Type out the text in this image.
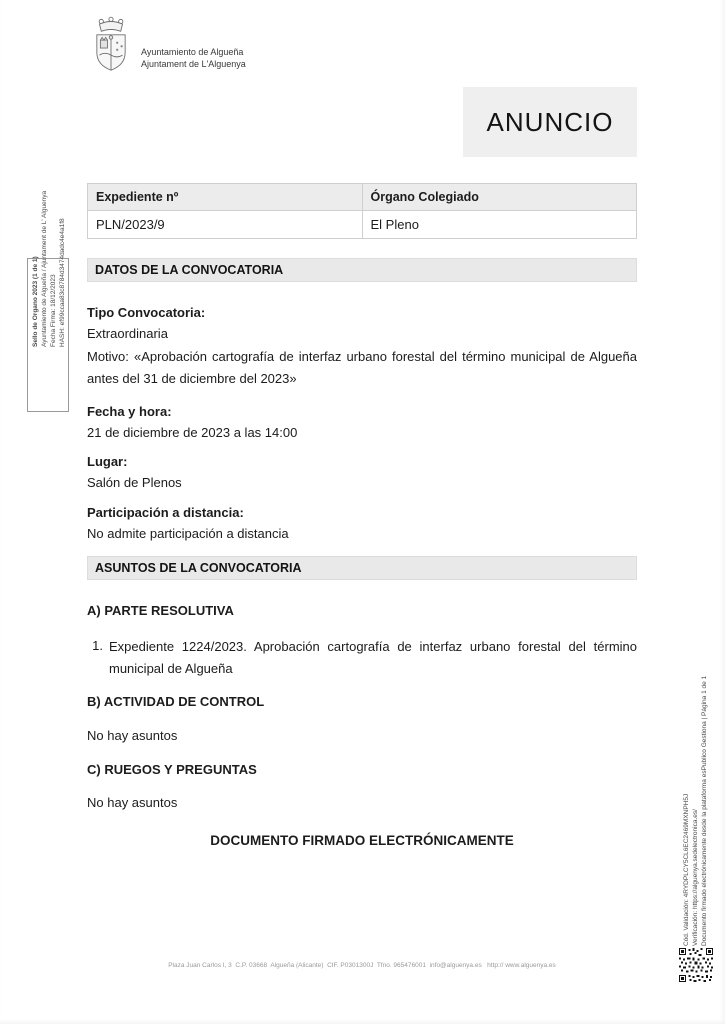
Ayuntamiento de Algueña
Ajuntament de L'Alguenya
ANUNCIO
Expediente nº	Órgano Colegiado
PLN/2023/9	El Pleno
DATOS DE LA CONVOCATORIA
Tipo Convocatoria:
Extraordinaria
Motivo: «Aprobación cartografía de interfaz urbano forestal del término municipal de Algueña antes del 31 de diciembre del 2023»
Fecha y hora:
21 de diciembre de 2023 a las 14:00
Lugar:
Salón de Plenos
Participación a distancia:
No admite participación a distancia
ASUNTOS DE LA CONVOCATORIA
A) PARTE RESOLUTIVA
1. Expediente 1224/2023. Aprobación cartografía de interfaz urbano forestal del término municipal de Algueña
B) ACTIVIDAD DE CONTROL
No hay asuntos
C) RUEGOS Y PREGUNTAS
No hay asuntos
DOCUMENTO FIRMADO ELECTRÓNICAMENTE
Sello de Organo 2023 (1 de 1) Ayuntamiento de Algueña / Ajuntament de L' Alguenya Fecha Firma: 18/12/2023 HASH: ef99ccaa83c8784d3474dadc4e4a1f8
Cód. Validación: 4RYDPLCY5CL6EC2469MXNPH5J Verificación: https://alguenya.sedelectronica.es/ Documento firmado electrónicamente desde la plataforma esPublico Gestiona | Página 1 de 1
Plaza Juan Carlos I, 3  C.P. 03668  Algueña (Alicante)  CIF. P0301300J  Tfno. 965476001  info@alguenya.es   http:// www.alguenya.es
